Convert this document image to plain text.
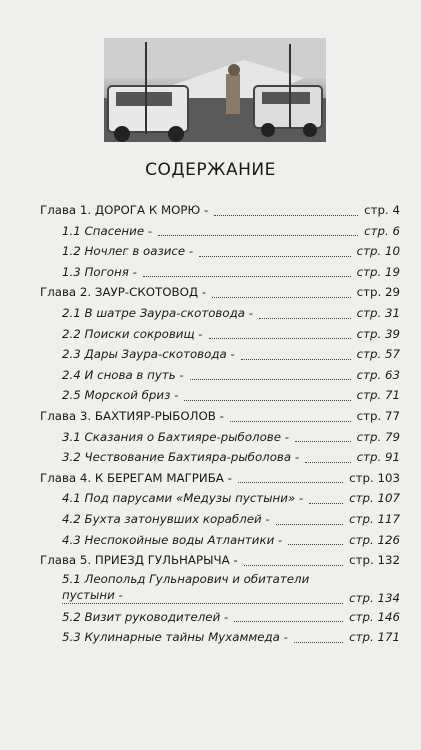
СОДЕРЖАНИЕ
Глава 1. ДОРОГА К МОРЮ -	стр. 4
1.1 Спасение -	стр. 6
1.2 Ночлег в оазисе -	стр. 10
1.3 Погоня -	стр. 19
Глава 2. ЗАУР-СКОТОВОД -	стр. 29
2.1 В шатре Заура-скотовода -	стр. 31
2.2 Поиски сокровищ -	стр. 39
2.3 Дары Заура-скотовода -	стр. 57
2.4 И снова в путь -	стр. 63
2.5 Морской бриз -	стр. 71
Глава 3. БАХТИЯР-РЫБОЛОВ -	стр. 77
3.1 Сказания о Бахтияре-рыболове -	стр. 79
3.2 Чествование Бахтияра-рыболова -	стр. 91
Глава 4. К БЕРЕГАМ МАГРИБА -	стр. 103
4.1 Под парусами «Медузы пустыни» -	стр. 107
4.2 Бухта затонувших кораблей -	стр. 117
4.3 Неспокойные воды Атлантики -	стр. 126
Глава 5. ПРИЕЗД ГУЛЬНАРЫЧА -	стр. 132
5.1 Леопольд Гульнарович и обитатели пустыни -	стр. 134
5.2 Визит руководителей -	стр. 146
5.3 Кулинарные тайны Мухаммеда -	стр. 171
